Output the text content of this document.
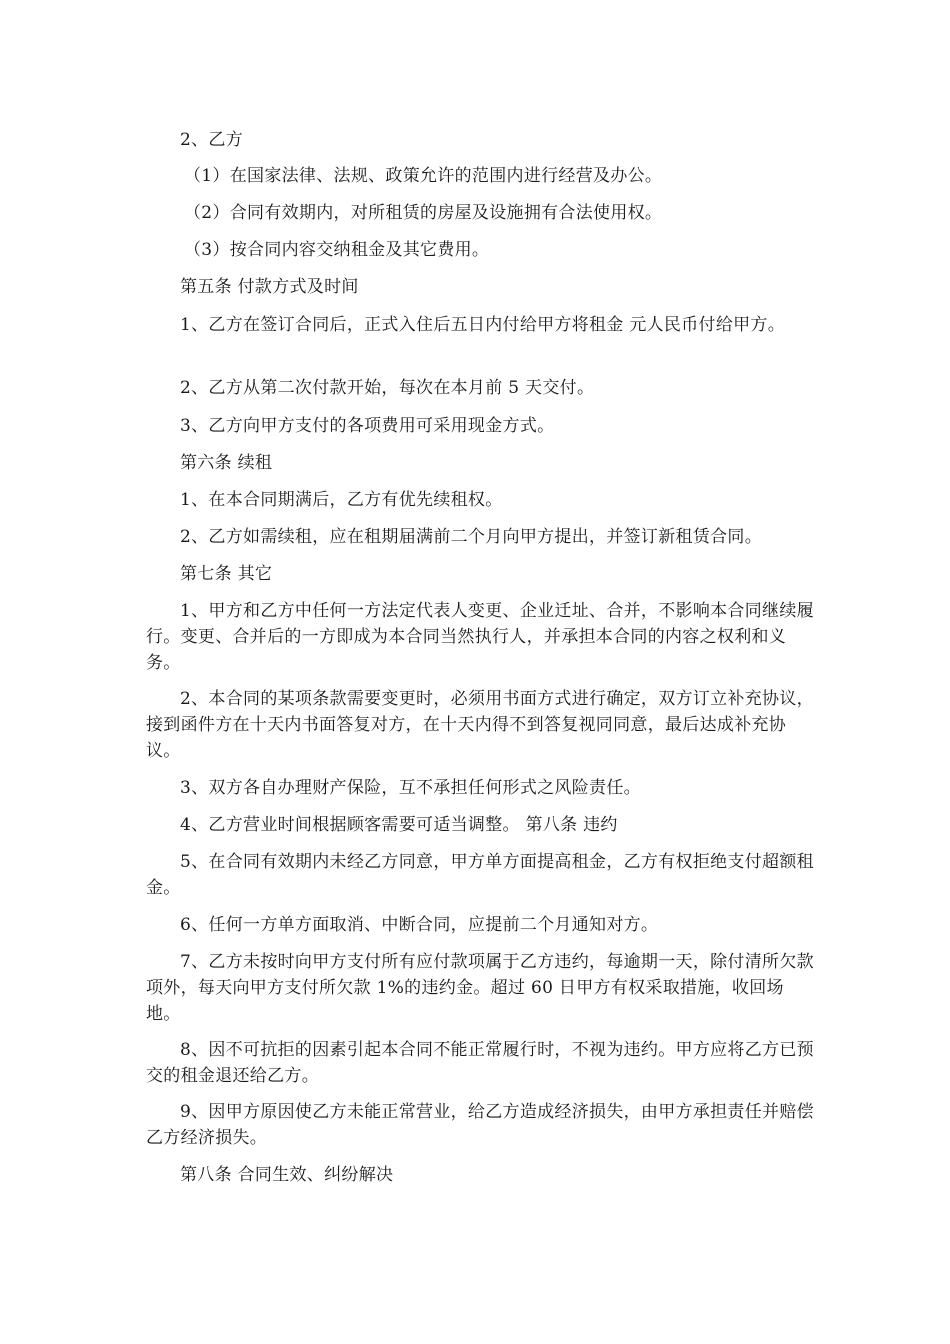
2、乙方
（1）在国家法律、法规、政策允许的范围内进行经营及办公。
（2）合同有效期内，对所租赁的房屋及设施拥有合法使用权。
（3）按合同内容交纳租金及其它费用。
第五条 付款方式及时间
1、乙方在签订合同后，正式入住后五日内付给甲方将租金 元人民币付给甲方。
2、乙方从第二次付款开始，每次在本月前 5 天交付。
3、乙方向甲方支付的各项费用可采用现金方式。
第六条 续租
1、在本合同期满后，乙方有优先续租权。
2、乙方如需续租，应在租期届满前二个月向甲方提出，并签订新租赁合同。
第七条 其它
1、甲方和乙方中任何一方法定代表人变更、企业迁址、合并，不影响本合同继续履行。变更、合并后的一方即成为本合同当然执行人，并承担本合同的内容之权利和义务。
2、本合同的某项条款需要变更时，必须用书面方式进行确定，双方订立补充协议，接到函件方在十天内书面答复对方，在十天内得不到答复视同同意，最后达成补充协议。
3、双方各自办理财产保险，互不承担任何形式之风险责任。
4、乙方营业时间根据顾客需要可适当调整。 第八条 违约
5、在合同有效期内未经乙方同意，甲方单方面提高租金，乙方有权拒绝支付超额租金。
6、任何一方单方面取消、中断合同，应提前二个月通知对方。
7、乙方未按时向甲方支付所有应付款项属于乙方违约，每逾期一天，除付清所欠款项外，每天向甲方支付所欠款 1%的违约金。超过 60 日甲方有权采取措施，收回场地。
8、因不可抗拒的因素引起本合同不能正常履行时，不视为违约。甲方应将乙方已预交的租金退还给乙方。
9、因甲方原因使乙方未能正常营业，给乙方造成经济损失，由甲方承担责任并赔偿乙方经济损失。
第八条 合同生效、纠纷解决
